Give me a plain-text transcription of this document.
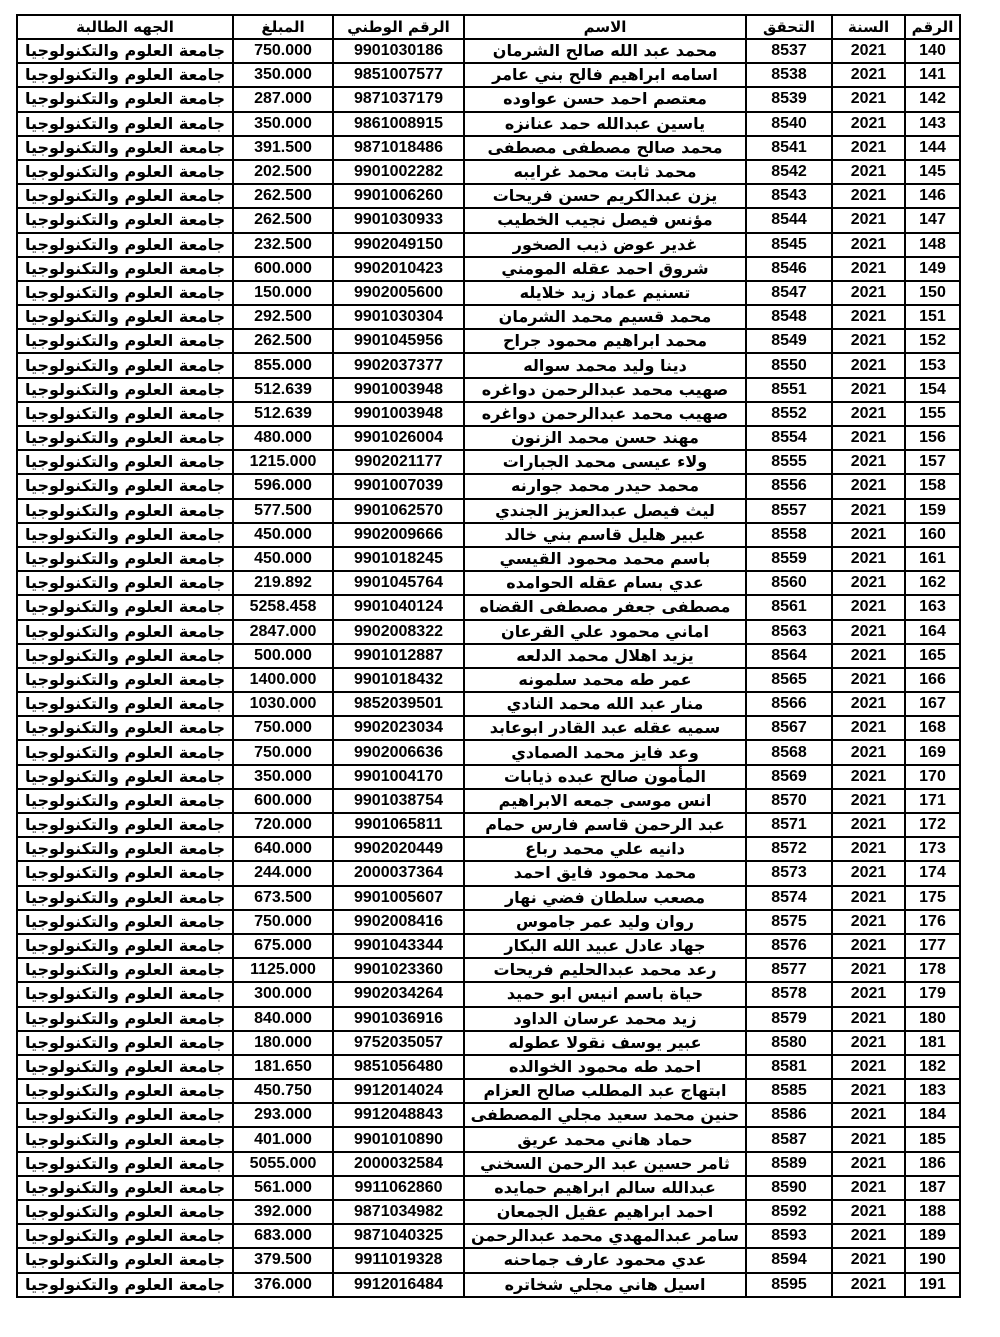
الرقم	السنة	التحقق	الاسم	الرقم الوطني	المبلغ	الجهه الطالبة
140	2021	8537	محمد عبد الله صالح الشرمان	9901030186	750.000	جامعة العلوم والتكنولوجيا
141	2021	8538	اسامه ابراهيم فالح بني عامر	9851007577	350.000	جامعة العلوم والتكنولوجيا
142	2021	8539	معتصم احمد حسن عواوده	9871037179	287.000	جامعة العلوم والتكنولوجيا
143	2021	8540	ياسين عبدالله حمد عنانزه	9861008915	350.000	جامعة العلوم والتكنولوجيا
144	2021	8541	محمد صالح مصطفى مصطفى	9871018486	391.500	جامعة العلوم والتكنولوجيا
145	2021	8542	محمد ثابت محمد غرايبه	9901002282	202.500	جامعة العلوم والتكنولوجيا
146	2021	8543	يزن عبدالكريم حسن فريحات	9901006260	262.500	جامعة العلوم والتكنولوجيا
147	2021	8544	مؤنس فيصل نجيب الخطيب	9901030933	262.500	جامعة العلوم والتكنولوجيا
148	2021	8545	غدير عوض ذيب الصخور	9902049150	232.500	جامعة العلوم والتكنولوجيا
149	2021	8546	شروق احمد عقله المومني	9902010423	600.000	جامعة العلوم والتكنولوجيا
150	2021	8547	تسنيم عماد زيد خلايله	9902005600	150.000	جامعة العلوم والتكنولوجيا
151	2021	8548	محمد قسيم محمد الشرمان	9901030304	292.500	جامعة العلوم والتكنولوجيا
152	2021	8549	محمد ابراهيم محمود جراح	9901045956	262.500	جامعة العلوم والتكنولوجيا
153	2021	8550	دينا وليد محمد سواله	9902037377	855.000	جامعة العلوم والتكنولوجيا
154	2021	8551	صهيب محمد عبدالرحمن دواغره	9901003948	512.639	جامعة العلوم والتكنولوجيا
155	2021	8552	صهيب محمد عبدالرحمن دواغره	9901003948	512.639	جامعة العلوم والتكنولوجيا
156	2021	8554	مهند حسن محمد الزنون	9901026004	480.000	جامعة العلوم والتكنولوجيا
157	2021	8555	ولاء عيسى محمد الجبارات	9902021177	1215.000	جامعة العلوم والتكنولوجيا
158	2021	8556	محمد حيدر محمد جوارنه	9901007039	596.000	جامعة العلوم والتكنولوجيا
159	2021	8557	ليث فيصل عبدالعزيز الجندي	9901062570	577.500	جامعة العلوم والتكنولوجيا
160	2021	8558	عبير هليل قاسم بني خالد	9902009666	450.000	جامعة العلوم والتكنولوجيا
161	2021	8559	باسم محمد محمود القيسي	9901018245	450.000	جامعة العلوم والتكنولوجيا
162	2021	8560	عدي بسام عقله الحوامده	9901045764	219.892	جامعة العلوم والتكنولوجيا
163	2021	8561	مصطفى جعفر مصطفى القضاه	9901040124	5258.458	جامعة العلوم والتكنولوجيا
164	2021	8563	اماني محمود علي القرعان	9902008322	2847.000	جامعة العلوم والتكنولوجيا
165	2021	8564	يزيد اهلال محمد الدلعه	9901012887	500.000	جامعة العلوم والتكنولوجيا
166	2021	8565	عمر طه محمد سلمونه	9901018432	1400.000	جامعة العلوم والتكنولوجيا
167	2021	8566	منار عبد الله محمد النادي	9852039501	1030.000	جامعة العلوم والتكنولوجيا
168	2021	8567	سميه عقله عبد القادر ابوعابد	9902023034	750.000	جامعة العلوم والتكنولوجيا
169	2021	8568	وعد فايز محمد الصمادي	9902006636	750.000	جامعة العلوم والتكنولوجيا
170	2021	8569	المأمون صالح عبده ذيابات	9901004170	350.000	جامعة العلوم والتكنولوجيا
171	2021	8570	انس موسى جمعه الابراهيم	9901038754	600.000	جامعة العلوم والتكنولوجيا
172	2021	8571	عبد الرحمن قاسم فارس حمام	9901065811	720.000	جامعة العلوم والتكنولوجيا
173	2021	8572	دانيه علي محمد رباع	9902020449	640.000	جامعة العلوم والتكنولوجيا
174	2021	8573	محمد محمود فايق احمد	2000037364	244.000	جامعة العلوم والتكنولوجيا
175	2021	8574	مصعب سلطان فضي نهار	9901005607	673.500	جامعة العلوم والتكنولوجيا
176	2021	8575	روان وليد عمر جاموس	9902008416	750.000	جامعة العلوم والتكنولوجيا
177	2021	8576	جهاد عادل عبيد الله البكار	9901043344	675.000	جامعة العلوم والتكنولوجيا
178	2021	8577	رعد محمد عبدالحليم فريحات	9901023360	1125.000	جامعة العلوم والتكنولوجيا
179	2021	8578	حياة باسم انيس ابو حميد	9902034264	300.000	جامعة العلوم والتكنولوجيا
180	2021	8579	زيد محمد عرسان الداود	9901036916	840.000	جامعة العلوم والتكنولوجيا
181	2021	8580	عبير يوسف نقولا عطوله	9752035057	180.000	جامعة العلوم والتكنولوجيا
182	2021	8581	احمد طه محمود الخوالده	9851056480	181.650	جامعة العلوم والتكنولوجيا
183	2021	8585	ابتهاج عبد المطلب صالح العزام	9912014024	450.750	جامعة العلوم والتكنولوجيا
184	2021	8586	حنين محمد سعيد مجلي المصطفى	9912048843	293.000	جامعة العلوم والتكنولوجيا
185	2021	8587	حماد هاني محمد عريق	9901010890	401.000	جامعة العلوم والتكنولوجيا
186	2021	8589	ثامر حسين عبد الرحمن السخني	2000032584	5055.000	جامعة العلوم والتكنولوجيا
187	2021	8590	عبدالله سالم ابراهيم حمايده	9911062860	561.000	جامعة العلوم والتكنولوجيا
188	2021	8592	احمد ابراهيم عقيل الجمعان	9871034982	392.000	جامعة العلوم والتكنولوجيا
189	2021	8593	سامر عبدالمهدي محمد عبدالرحمن	9871040325	683.000	جامعة العلوم والتكنولوجيا
190	2021	8594	عدي محمود عارف جماحنه	9911019328	379.500	جامعة العلوم والتكنولوجيا
191	2021	8595	اسيل هاني مجلي شخاتره	9912016484	376.000	جامعة العلوم والتكنولوجيا
